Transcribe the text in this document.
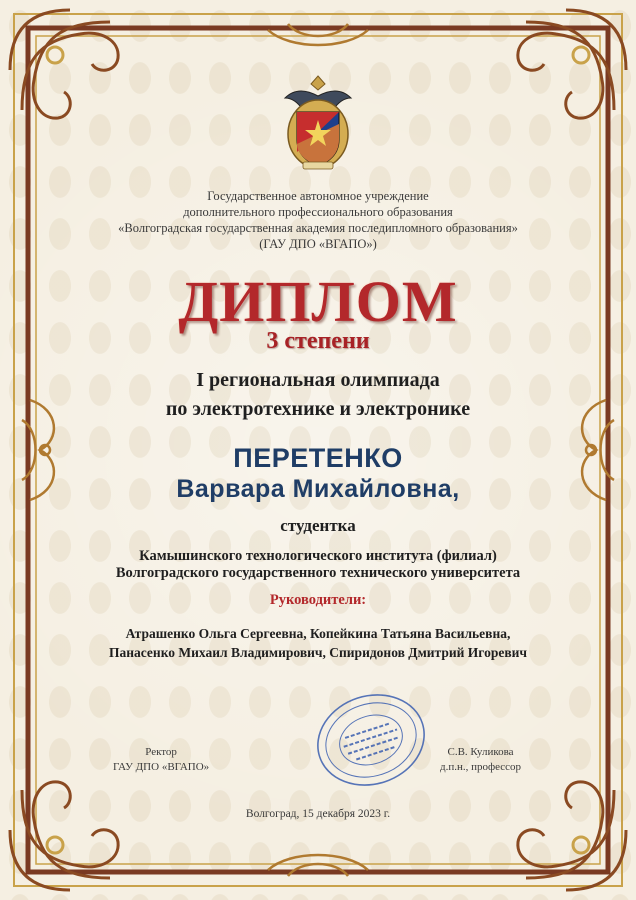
Государственное автономное учреждение
дополнительного профессионального образования
«Волгоградская государственная академия последипломного образования»
(ГАУ ДПО «ВГАПО»)
ДИПЛОМ
3 степени
I региональная олимпиада
по электротехнике и электронике
ПЕРЕТЕНКО
Варвара Михайловна,
студентка
Камышинского технологического института (филиал)
Волгоградского государственного технического университета
Руководители:
Атрашенко Ольга Сергеевна, Копейкина Татьяна Васильевна,
Панасенко Михаил Владимирович, Спиридонов Дмитрий Игоревич
Ректор
ГАУ ДПО «ВГАПО»
С.В. Куликова
д.п.н., профессор
Волгоград, 15 декабря 2023 г.
